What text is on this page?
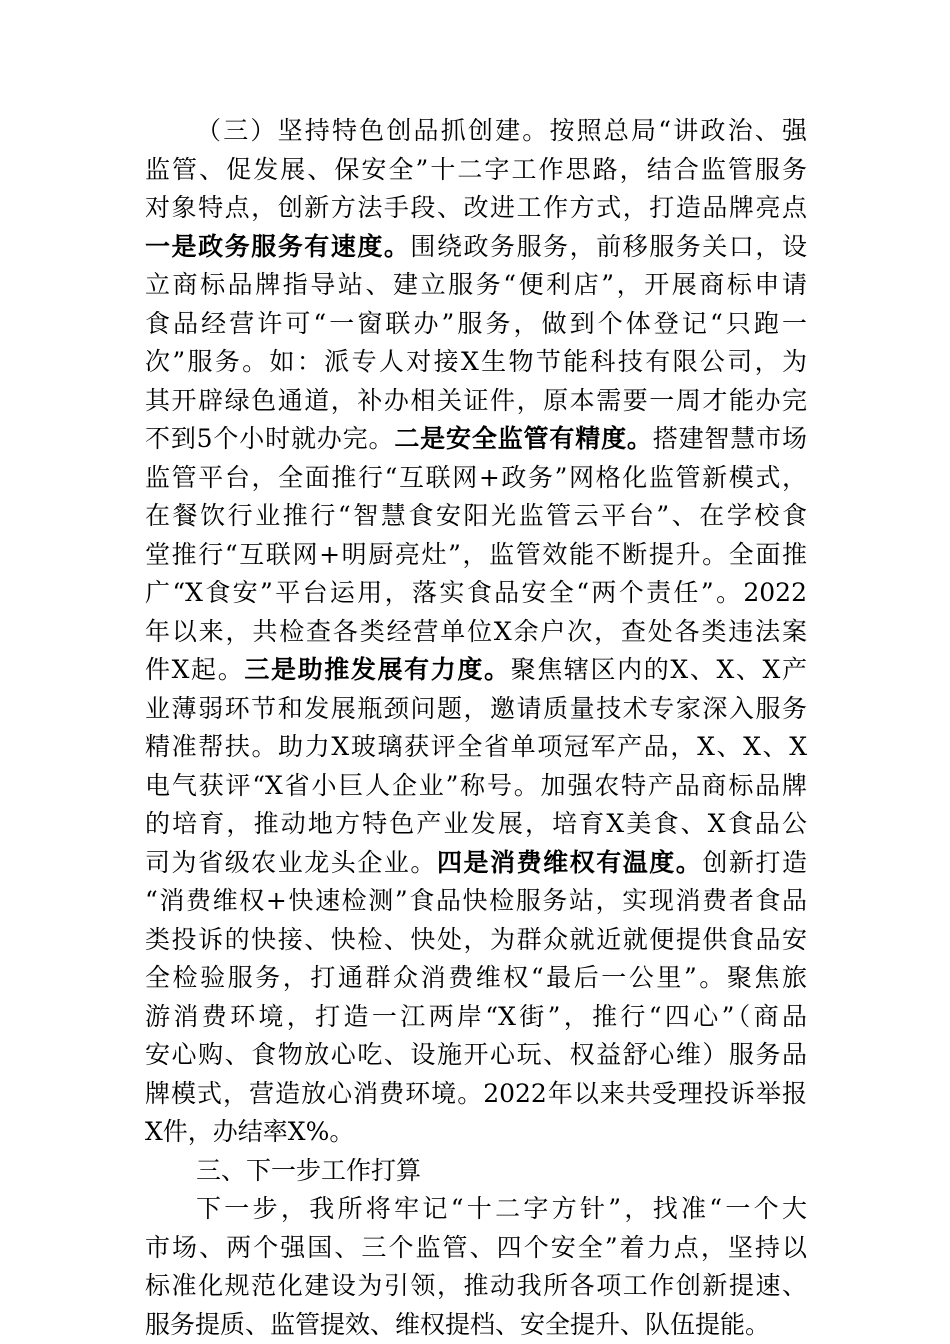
（三）坚持特色创品抓创建。按照总局“讲政治、强
监管、促发展、保安全”十二字工作思路，结合监管服务
对象特点，创新方法手段、改进工作方式，打造品牌亮点
一是政务服务有速度。围绕政务服务，前移服务关口，设
立商标品牌指导站、建立服务“便利店”，开展商标申请
食品经营许可“一窗联办”服务，做到个体登记“只跑一
次”服务。如：派专人对接X生物节能科技有限公司，为
其开辟绿色通道，补办相关证件，原本需要一周才能办完
不到5个小时就办完。二是安全监管有精度。搭建智慧市场
监管平台，全面推行“互联网+政务”网格化监管新模式，
在餐饮行业推行“智慧食安阳光监管云平台”、在学校食
堂推行“互联网+明厨亮灶”，监管效能不断提升。全面推
广“X食安”平台运用，落实食品安全“两个责任”。2022
年以来，共检查各类经营单位X余户次，查处各类违法案
件X起。三是助推发展有力度。聚焦辖区内的X、X、X产
业薄弱环节和发展瓶颈问题，邀请质量技术专家深入服务
精准帮扶。助力X玻璃获评全省单项冠军产品，X、X、X
电气获评“X省小巨人企业”称号。加强农特产品商标品牌
的培育，推动地方特色产业发展，培育X美食、X食品公
司为省级农业龙头企业。四是消费维权有温度。创新打造
“消费维权+快速检测”食品快检服务站，实现消费者食品
类投诉的快接、快检、快处，为群众就近就便提供食品安
全检验服务，打通群众消费维权“最后一公里”。聚焦旅
游消费环境，打造一江两岸“X街”，推行“四心”（商品
安心购、食物放心吃、设施开心玩、权益舒心维）服务品
牌模式，营造放心消费环境。2022年以来共受理投诉举报
X件，办结率X%。
三、下一步工作打算
下一步，我所将牢记“十二字方针”，找准“一个大
市场、两个强国、三个监管、四个安全”着力点，坚持以
标准化规范化建设为引领，推动我所各项工作创新提速、
服务提质、监管提效、维权提档、安全提升、队伍提能。
